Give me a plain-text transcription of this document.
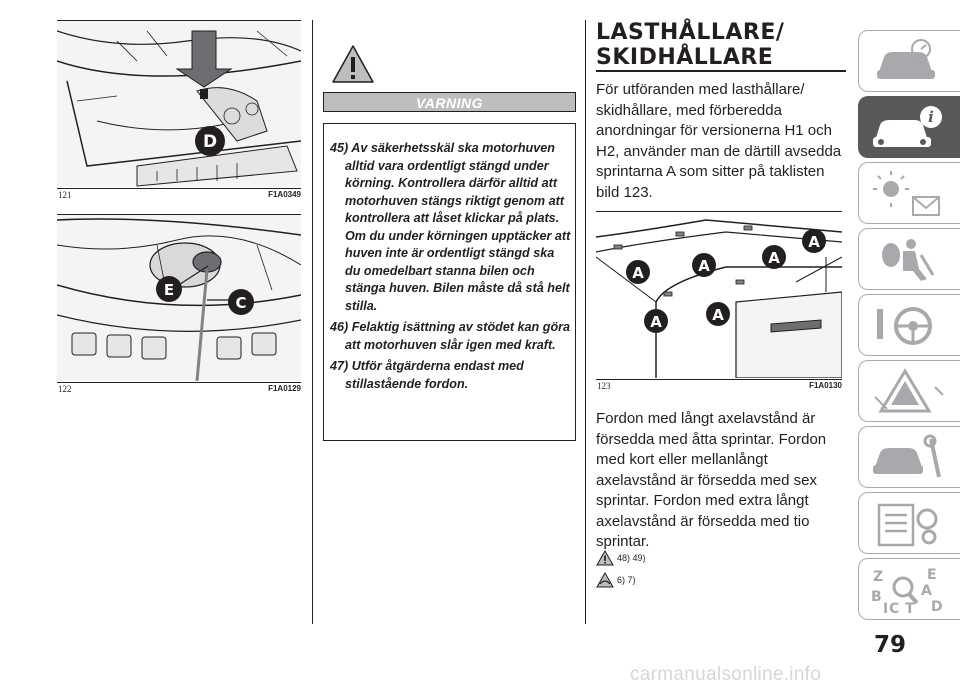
D
121	F1A0349
E
C
122	F1A0129
VARNING

45) Av säkerhetsskäl ska motorhuven alltid vara ordentligt stängd under körning. Kontrollera därför alltid att motorhuven stängs riktigt genom att kontrollera att låset klickar på plats. Om du under körningen upptäcker att huven inte är ordentligt stängd ska du omedelbart stanna bilen och stänga huven. Bilen måste då stå helt stilla.

46) Felaktig isättning av stödet kan göra att motorhuven slår igen med kraft.

47) Utför åtgärderna endast med stillastående fordon.

LASTHÅLLARE/
SKIDHÅLLARE

För utföranden med lasthållare/ skidhållare, med förberedda anordningar för versionerna H1 och H2, använder man de därtill avsedda sprintarna A som sitter på taklisten bild 123.

A	A	A
A
A	A
123	F1A0130

Fordon med långt axelavstånd är försedda med åtta sprintar. Fordon med kort eller mellanlångt axelavstånd är försedda med sex sprintar. Fordon med extra långt axelavstånd är försedda med tio sprintar.

48) 49)
6) 7)
i
Z	E
B	A
I C T D
79
carmanualsonline.info
